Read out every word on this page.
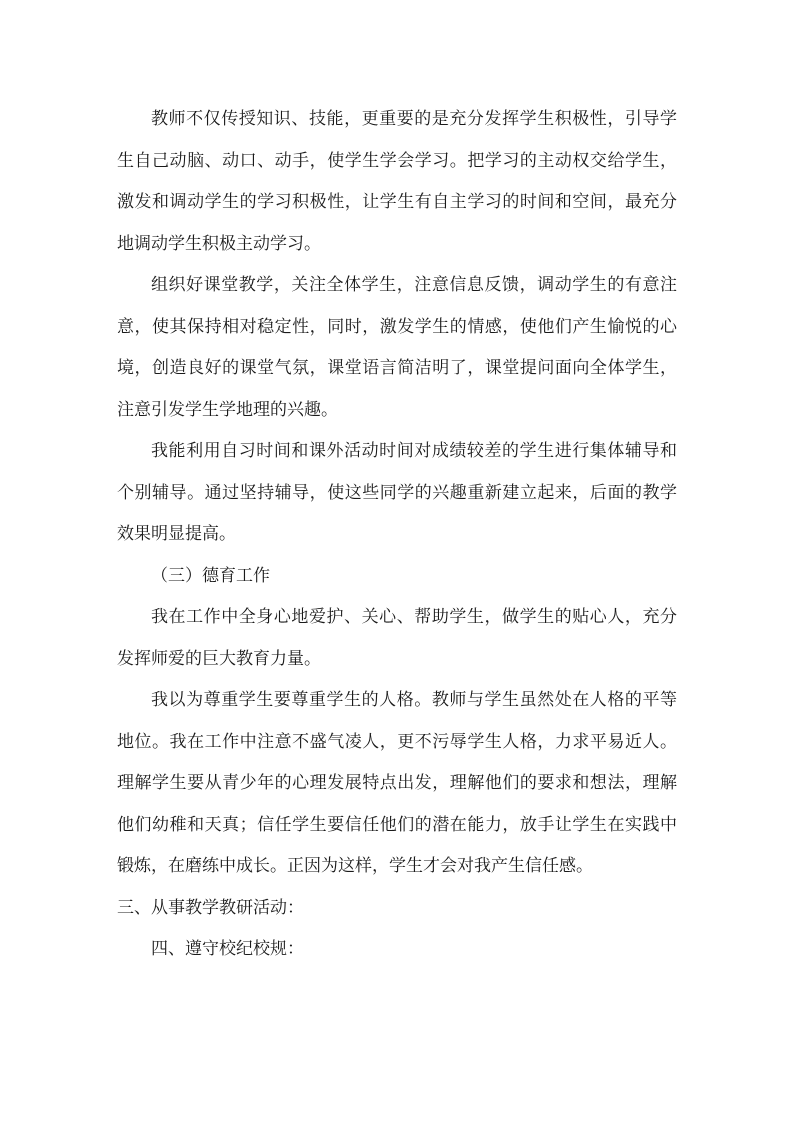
教师不仅传授知识、技能，更重要的是充分发挥学生积极性，引导学生自己动脑、动口、动手，使学生学会学习。把学习的主动权交给学生，激发和调动学生的学习积极性，让学生有自主学习的时间和空间，最充分地调动学生积极主动学习。

组织好课堂教学，关注全体学生，注意信息反馈，调动学生的有意注意，使其保持相对稳定性，同时，激发学生的情感，使他们产生愉悦的心境，创造良好的课堂气氛，课堂语言简洁明了，课堂提问面向全体学生，注意引发学生学地理的兴趣。

我能利用自习时间和课外活动时间对成绩较差的学生进行集体辅导和个别辅导。通过坚持辅导，使这些同学的兴趣重新建立起来，后面的教学效果明显提高。

（三）德育工作

我在工作中全身心地爱护、关心、帮助学生，做学生的贴心人，充分发挥师爱的巨大教育力量。

我以为尊重学生要尊重学生的人格。教师与学生虽然处在人格的平等地位。我在工作中注意不盛气凌人，更不污辱学生人格，力求平易近人。理解学生要从青少年的心理发展特点出发，理解他们的要求和想法，理解他们幼稚和天真；信任学生要信任他们的潜在能力，放手让学生在实践中锻炼，在磨练中成长。正因为这样，学生才会对我产生信任感。

三、从事教学教研活动：

四、遵守校纪校规：
